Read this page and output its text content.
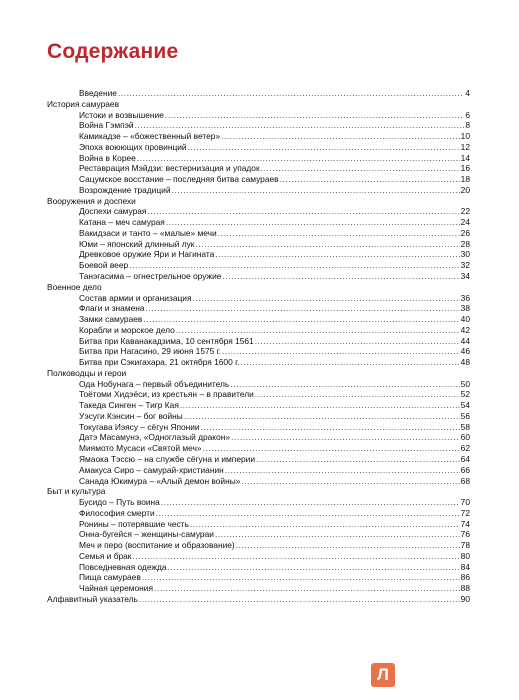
Содержание
Введение .....	4
История самураев
Истоки и возвышение .....	6
Война Гэмпэй .....	8
Камикадзе – «божественный ветер» .....	10
Эпоха воюющих провинций .....	12
Война в Корее .....	14
Реставрация Мэйдзи: вестернизация и упадок .....	16
Сацумское восстание – последняя битва самураев .....	18
Возрождение традиций .....	20
Вооружения и доспехи
Доспехи самурая .....	22
Катана – меч самурая .....	24
Вакидзаси и танто – «малые» мечи .....	26
Юми – японский длинный лук .....	28
Древковое оружие Яри и Нагината .....	30
Боевой веер .....	32
Танэгасима – огнестрельное оружие .....	34
Военное дело
Состав армии и организация .....	36
Флаги и знамена .....	38
Замки самураев .....	40
Корабли и морское дело .....	42
Битва при Каванакадзима, 10 сентября 1561 .....	44
Битва при Нагасино, 29 июня 1575 г. .....	46
Битва при Сэкигахара, 21 октября 1600 г. .....	48
Полководцы и герои
Ода Нобунага – первый объединитель .....	50
Тоётоми Хидэёси, из крестьян – в правители .....	52
Такеда Синген – Тигр Кая .....	54
Уэсуги Кэнсин – бог войны .....	56
Токугава Иэясу – сёгун Японии .....	58
Датэ Масамунэ, «Одноглазый дракон» .....	60
Миямото Мусаси «Святой меч» .....	62
Ямаока Тэссю – на службе сёгуна и империи .....	64
Амакуса Сиро – самурай-христианин .....	66
Санада Юкимура – «Алый демон войны» .....	68
Быт и культура
Бусидо – Путь воина .....	70
Философия смерти .....	72
Ронины – потерявшие честь .....	74
Онна-бугейся – женщины-самураи .....	76
Меч и перо (воспитание и образование) .....	78
Семья и брак .....	80
Повседневная одежда .....	84
Пища самураев .....	86
Чайная церемония .....	88
Алфавитный указатель .....	90
Л
